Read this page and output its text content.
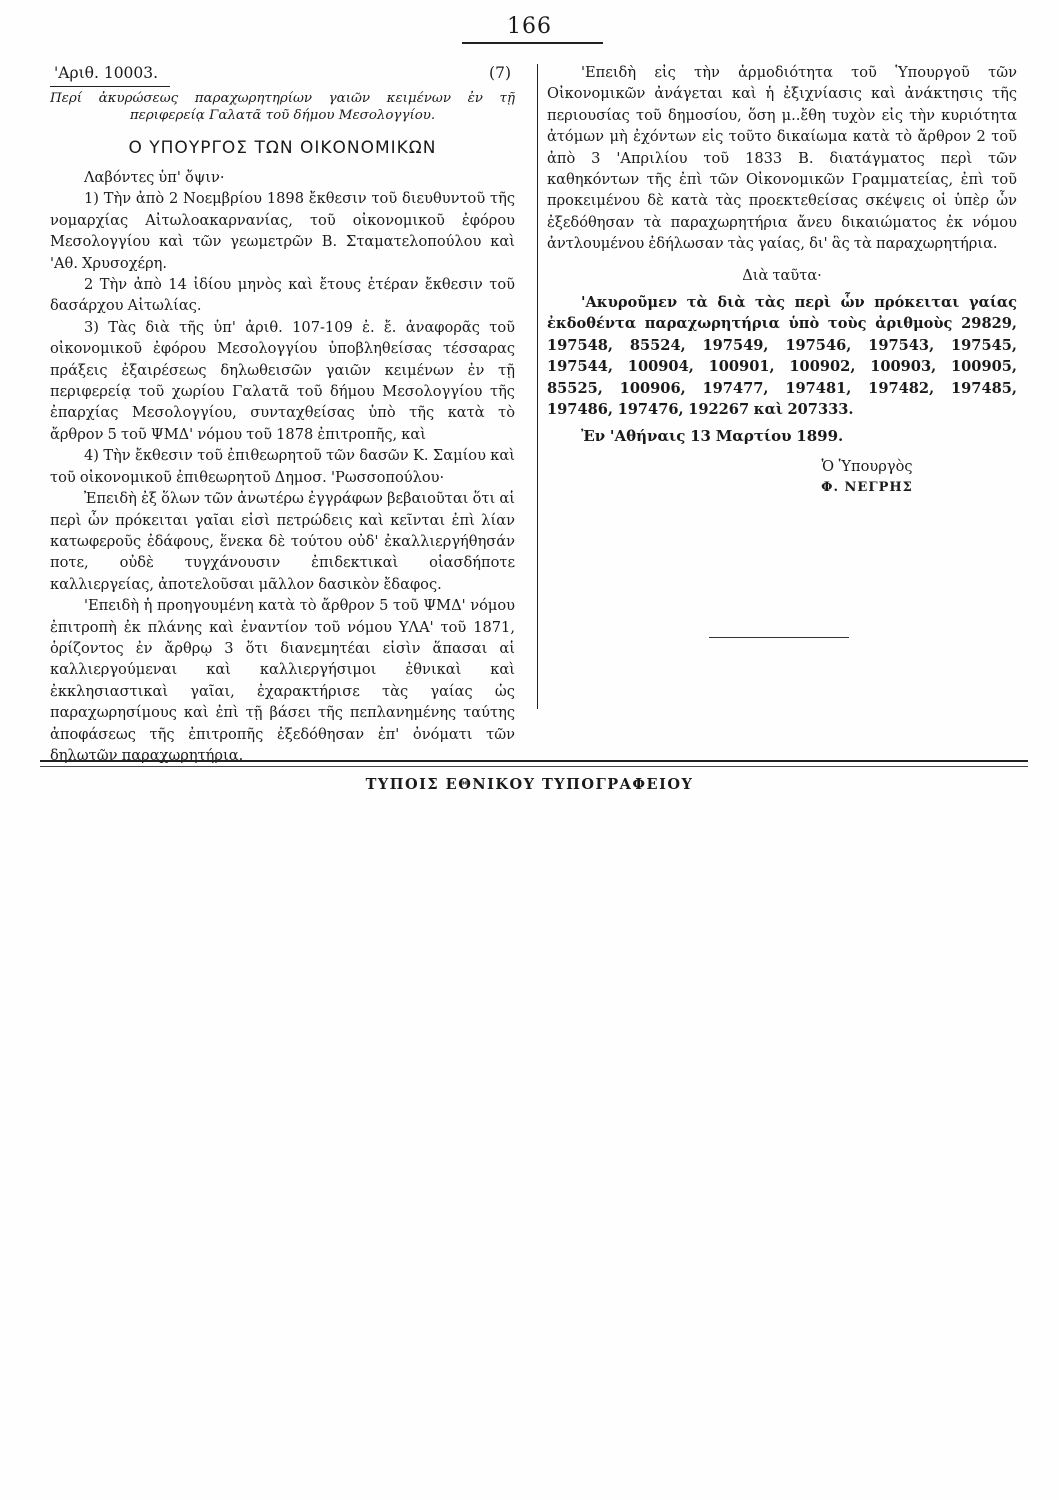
166
'Αριθ. 10003.	(7)

Περί ἀκυρώσεως παραχωρητηρίων γαιῶν κειμένων ἐν τῇ περιφερείᾳ Γαλατᾶ τοῦ δήμου Μεσολογγίου.

Ο ΥΠΟΥΡΓΟΣ ΤΩΝ ΟΙΚΟΝΟΜΙΚΩΝ

Λαβόντες ὑπ' ὄψιν·

1) Τὴν ἀπὸ 2 Νοεμβρίου 1898 ἔκθεσιν τοῦ διευθυντοῦ τῆς νομαρχίας Αἰτωλοακαρνανίας, τοῦ οἰκονομικοῦ ἐφόρου Μεσολογγίου καὶ τῶν γεωμετρῶν Β. Σταματελοπούλου καὶ 'Αθ. Χρυσοχέρη.

2 Τὴν ἀπὸ 14 ἰδίου μηνὸς καὶ ἔτους ἑτέραν ἔκθεσιν τοῦ δασάρχου Αἰτωλίας.

3) Τὰς διὰ τῆς ὑπ' ἀριθ. 107-109 ἐ. ἔ. ἀναφορᾶς τοῦ οἰκονομικοῦ ἐφόρου Μεσολογγίου ὑποβληθείσας τέσσαρας πράξεις ἐξαιρέσεως δηλωθεισῶν γαιῶν κειμένων ἐν τῇ περιφερείᾳ τοῦ χωρίου Γαλατᾶ τοῦ δήμου Μεσολογγίου τῆς ἐπαρχίας Μεσολογγίου, συνταχθείσας ὑπὸ τῆς κατὰ τὸ ἄρθρον 5 τοῦ ΨΜΔ' νόμου τοῦ 1878 ἐπιτροπῆς, καὶ

4) Τὴν ἔκθεσιν τοῦ ἐπιθεωρητοῦ τῶν δασῶν Κ. Σαμίου καὶ τοῦ οἰκονομικοῦ ἐπιθεωρητοῦ Δημοσ. 'Ρωσσοπούλου·

Ἐπειδὴ ἐξ ὅλων τῶν ἀνωτέρω ἐγγράφων βεβαιοῦται ὅτι αἱ περὶ ὧν πρόκειται γαῖαι εἰσὶ πετρώδεις καὶ κεῖνται ἐπὶ λίαν κατωφεροῦς ἐδάφους, ἕνεκα δὲ τούτου οὐδ' ἐκαλλιεργήθησάν ποτε, οὐδὲ τυγχάνουσιν ἐπιδεκτικαὶ οἱασδήποτε καλλιεργείας, ἀποτελοῦσαι μᾶλλον δασικὸν ἔδαφος.

'Επειδὴ ἡ προηγουμένη κατὰ τὸ ἄρθρον 5 τοῦ ΨΜΔ' νόμου ἐπιτροπὴ ἐκ πλάνης καὶ ἐναντίον τοῦ νόμου ΥΛΑ' τοῦ 1871, ὁρίζοντος ἐν ἄρθρῳ 3 ὅτι διανεμητέαι εἰσὶν ἅπασαι αἱ καλλιεργούμεναι καὶ καλλιεργήσιμοι ἐθνικαὶ καὶ ἐκκλησιαστικαὶ γαῖαι, ἐχαρακτήρισε τὰς γαίας ὡς παραχωρησίμους καὶ ἐπὶ τῇ βάσει τῆς πεπλανημένης ταύτης ἀποφάσεως τῆς ἐπιτροπῆς ἐξεδόθησαν ἐπ' ὀνόματι τῶν δηλωτῶν παραχωρητήρια.

'Επειδὴ εἰς τὴν ἁρμοδιότητα τοῦ Ὑπουργοῦ τῶν Οἰκονομικῶν ἀνάγεται καὶ ἡ ἐξιχνίασις καὶ ἀνάκτησις τῆς περιουσίας τοῦ δημοσίου, ὅση μ..ἔθη τυχὸν εἰς τὴν κυριότητα ἀτόμων μὴ ἐχόντων εἰς τοῦτο δικαίωμα κατὰ τὸ ἄρθρον 2 τοῦ ἀπὸ 3 'Απριλίου τοῦ 1833 Β. διατάγματος περὶ τῶν καθηκόντων τῆς ἐπὶ τῶν Οἰκονομικῶν Γραμματείας, ἐπὶ τοῦ προκειμένου δὲ κατὰ τὰς προεκτεθείσας σκέψεις οἱ ὑπὲρ ὧν ἐξεδόθησαν τὰ παραχωρητήρια ἄνευ δικαιώματος ἐκ νόμου ἀντλουμένου ἐδήλωσαν τὰς γαίας, δι' ἃς τὰ παραχωρητήρια.

Διὰ ταῦτα·

'Ακυροῦμεν τὰ διὰ τὰς περὶ ὧν πρόκειται γαίας ἐκδοθέντα παραχωρητήρια ὑπὸ τοὺς ἀριθμοὺς 29829, 197548, 85524, 197549, 197546, 197543, 197545, 197544, 100904, 100901, 100902, 100903, 100905, 85525, 100906, 197477, 197481, 197482, 197485, 197486, 197476, 192267 καὶ 207333.

Ἐν 'Αθήναις 13 Μαρτίου 1899.

Ὁ Ὑπουργὸς
Φ. ΝΕΓΡΗΣ
ΤΥΠΟΙΣ ΕΘΝΙΚΟΥ ΤΥΠΟΓΡΑΦΕΙΟΥ
